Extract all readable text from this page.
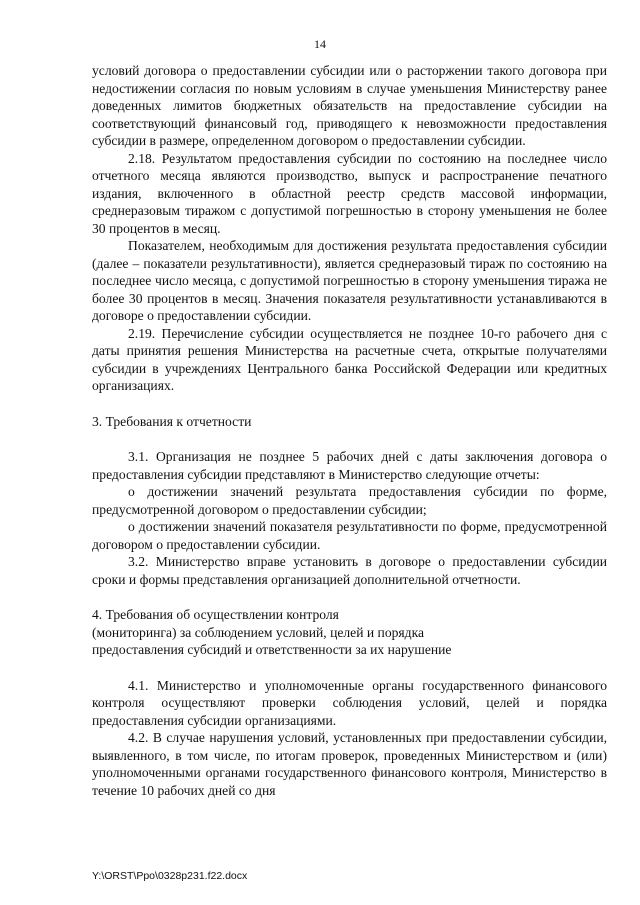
14

условий договора о предоставлении субсидии или о расторжении такого договора при недостижении согласия по новым условиям в случае уменьшения Министерству ранее доведенных лимитов бюджетных обязательств на предоставление субсидии на соответствующий финансовый год, приводящего к невозможности предоставления субсидии в размере, определенном договором о предоставлении субсидии.

2.18. Результатом предоставления субсидии по состоянию на последнее число отчетного месяца являются производство, выпуск и распространение печатного издания, включенного в областной реестр средств массовой информации, среднеразовым тиражом с допустимой погрешностью в сторону уменьшения не более 30 процентов в месяц.

Показателем, необходимым для достижения результата предоставления субсидии (далее – показатели результативности), является среднеразовый тираж по состоянию на последнее число месяца, с допустимой погрешностью в сторону уменьшения тиража не более 30 процентов в месяц. Значения показателя результативности устанавливаются в договоре о предоставлении субсидии.

2.19. Перечисление субсидии осуществляется не позднее 10-го рабочего дня с даты принятия решения Министерства на расчетные счета, открытые получателями субсидии в учреждениях Центрального банка Российской Федерации или кредитных организациях.

3. Требования к отчетности

3.1. Организация не позднее 5 рабочих дней с даты заключения договора о предоставления субсидии представляют в Министерство следующие отчеты:

о достижении значений результата предоставления субсидии по форме, предусмотренной договором о предоставлении субсидии;

о достижении значений показателя результативности по форме, предусмотренной договором о предоставлении субсидии.

3.2. Министерство вправе установить в договоре о предоставлении субсидии сроки и формы представления организацией дополнительной отчетности.

4. Требования об осуществлении контроля

(мониторинга) за соблюдением условий, целей и порядка

предоставления субсидий и ответственности за их нарушение

4.1. Министерство и уполномоченные органы государственного финансового контроля осуществляют проверки соблюдения условий, целей и порядка предоставления субсидии организациями.

4.2. В случае нарушения условий, установленных при предоставлении субсидии, выявленного, в том числе, по итогам проверок, проведенных Министерством и (или) уполномоченными органами государственного финансового контроля, Министерство в течение 10 рабочих дней со дня

Y:\ORST\Ppo\0328p231.f22.docx
